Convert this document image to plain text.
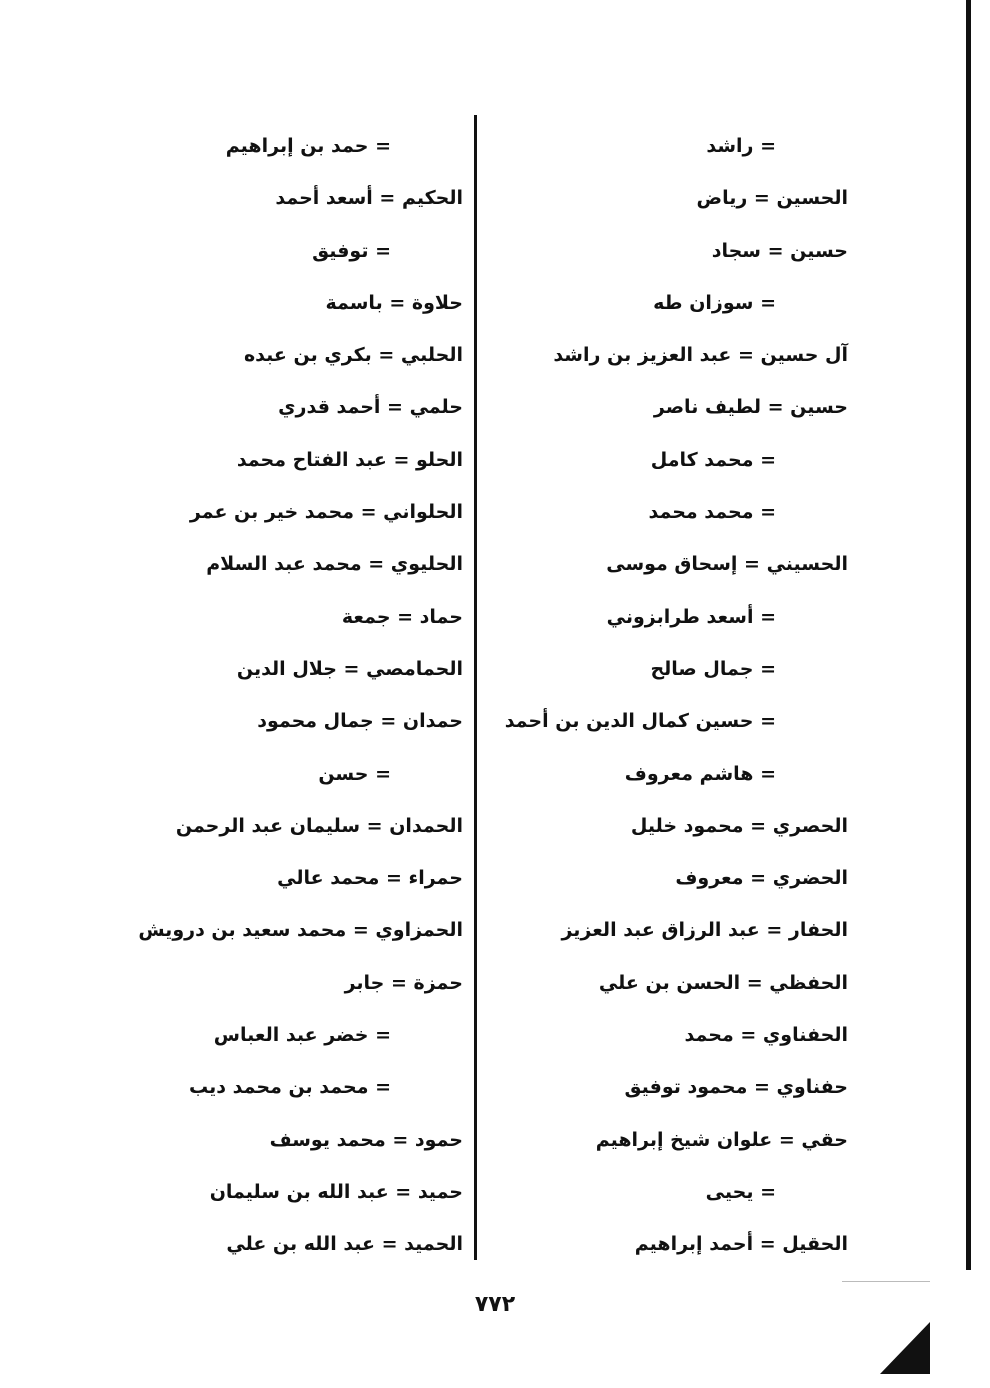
= راشد
الحسين = رياض
حسين = سجاد
= سوزان طه
آل حسين = عبد العزيز بن راشد
حسين = لطيف ناصر
= محمد كامل
= محمد محمد
الحسيني = إسحاق موسى
= أسعد طرابزوني
= جمال صالح
= حسين كمال الدين بن أحمد
= هاشم معروف
الحصري = محمود خليل
الحضري = معروف
الحفار = عبد الرزاق عبد العزيز
الحفظي = الحسن بن علي
الحفناوي = محمد
حفناوي = محمود توفيق
حقي = علوان شيخ إبراهيم
= يحيى
الحقيل = أحمد إبراهيم
= حمد بن إبراهيم
الحكيم = أسعد أحمد
= توفيق
حلاوة = باسمة
الحلبي = بكري بن عبده
حلمي = أحمد قدري
الحلو = عبد الفتاح محمد
الحلواني = محمد خير بن عمر
الحليوي = محمد عبد السلام
حماد = جمعة
الحمامصي = جلال الدين
حمدان = جمال محمود
= حسن
الحمدان = سليمان عبد الرحمن
حمراء = محمد عالي
الحمزاوي = محمد سعيد بن درويش
حمزة = جابر
= خضر عبد العباس
= محمد بن محمد ديب
حمود = محمد يوسف
حميد = عبد الله بن سليمان
الحميد = عبد الله بن علي
٧٧٢
